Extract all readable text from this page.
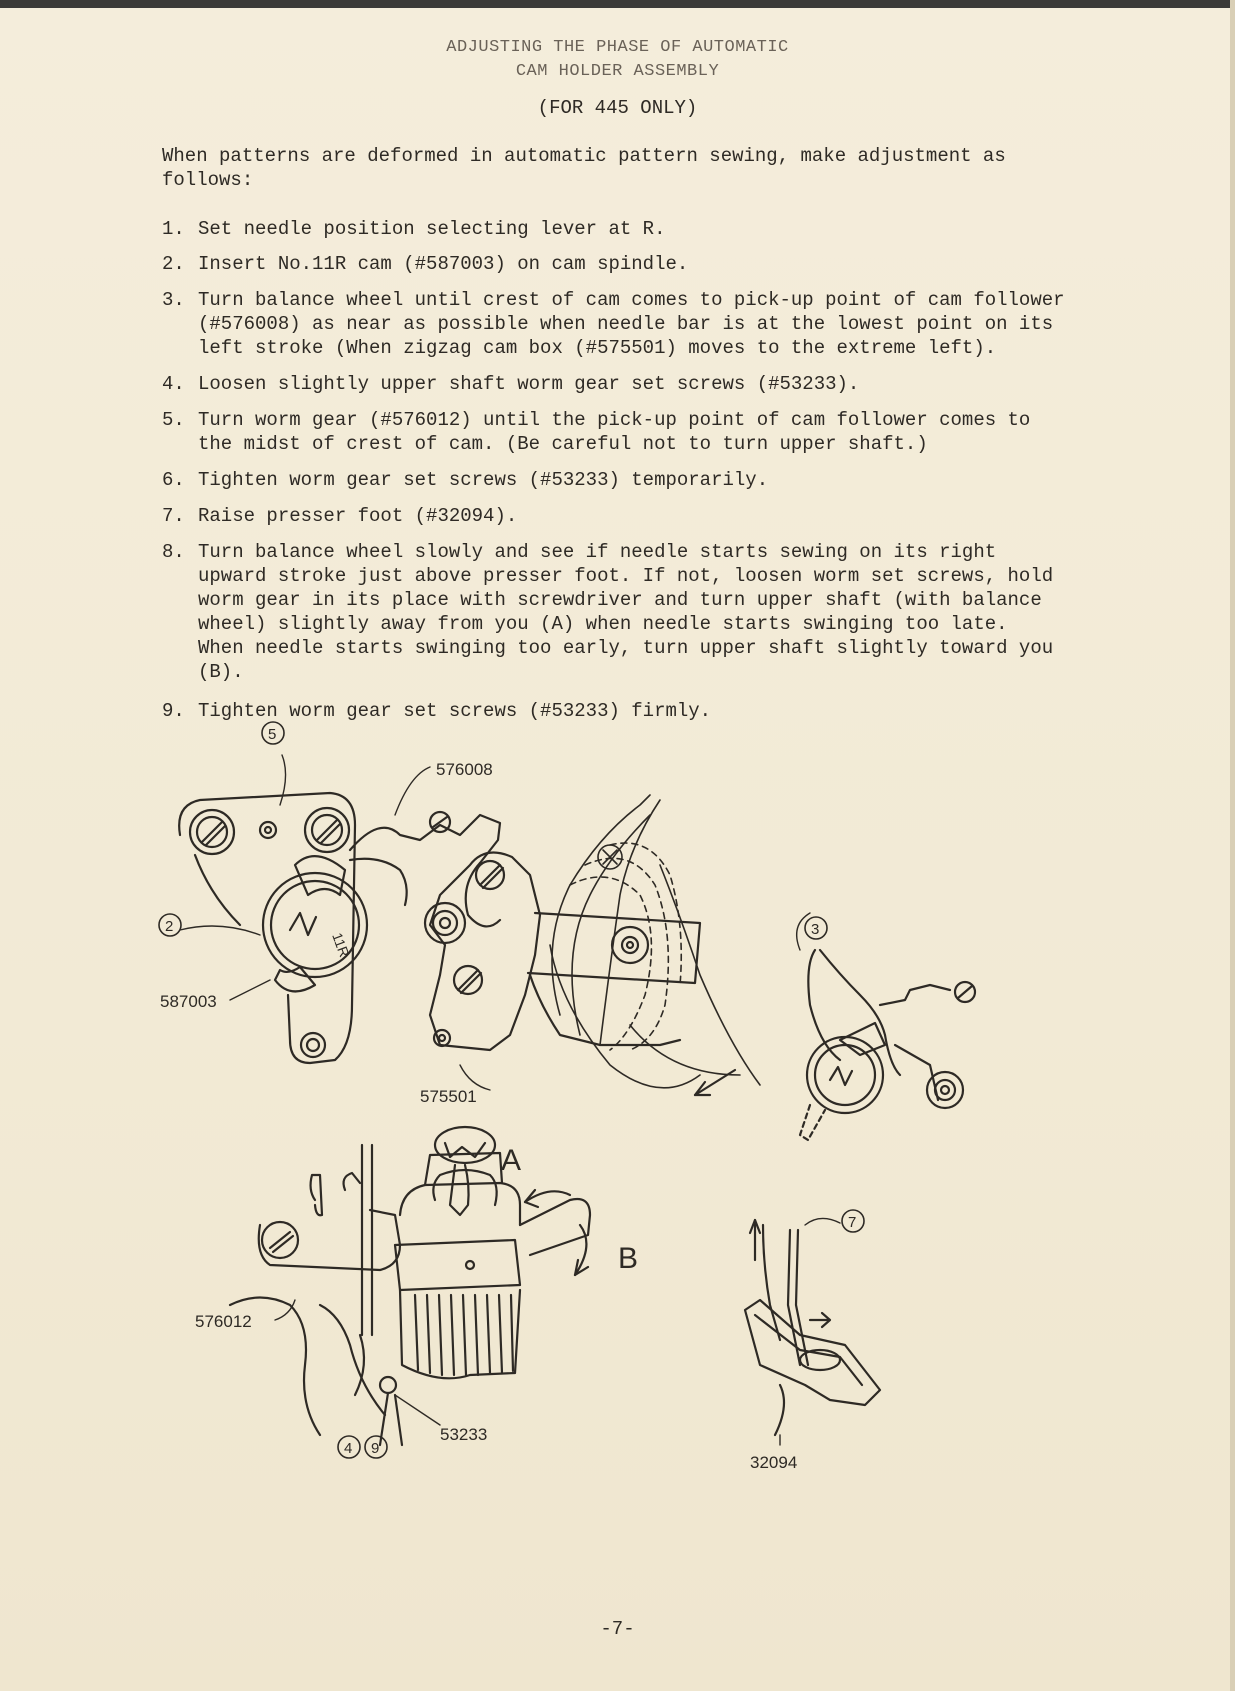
ADJUSTING THE PHASE OF AUTOMATIC
CAM HOLDER ASSEMBLY
(FOR 445 ONLY)
When patterns are deformed in automatic pattern sewing, make adjustment as
follows:
1. Set needle position selecting lever at R.
2. Insert No.11R cam (#587003) on cam spindle.
3. Turn balance wheel until crest of cam comes to pick-up point of cam follower
(#576008) as near as possible when needle bar is at the lowest point on its
left stroke (When zigzag cam box (#575501) moves to the extreme left).
4. Loosen slightly upper shaft worm gear set screws (#53233).
5. Turn worm gear (#576012) until the pick-up point of cam follower comes to
the midst of crest of cam. (Be careful not to turn upper shaft.)
6. Tighten worm gear set screws (#53233) temporarily.
7. Raise presser foot (#32094).
8. Turn balance wheel slowly and see if needle starts sewing on its right
upward stroke just above presser foot. If not, loosen worm set screws, hold
worm gear in its place with screwdriver and turn upper shaft (with balance
wheel) slightly away from you (A) when needle starts swinging too late.
When needle starts swinging too early, turn upper shaft slightly toward you
(B).
9. Tighten worm gear set screws (#53233) firmly.
576008
587003
575501
576012
53233
32094
A
B
11R
5
2	3
7
4 9
-7-
